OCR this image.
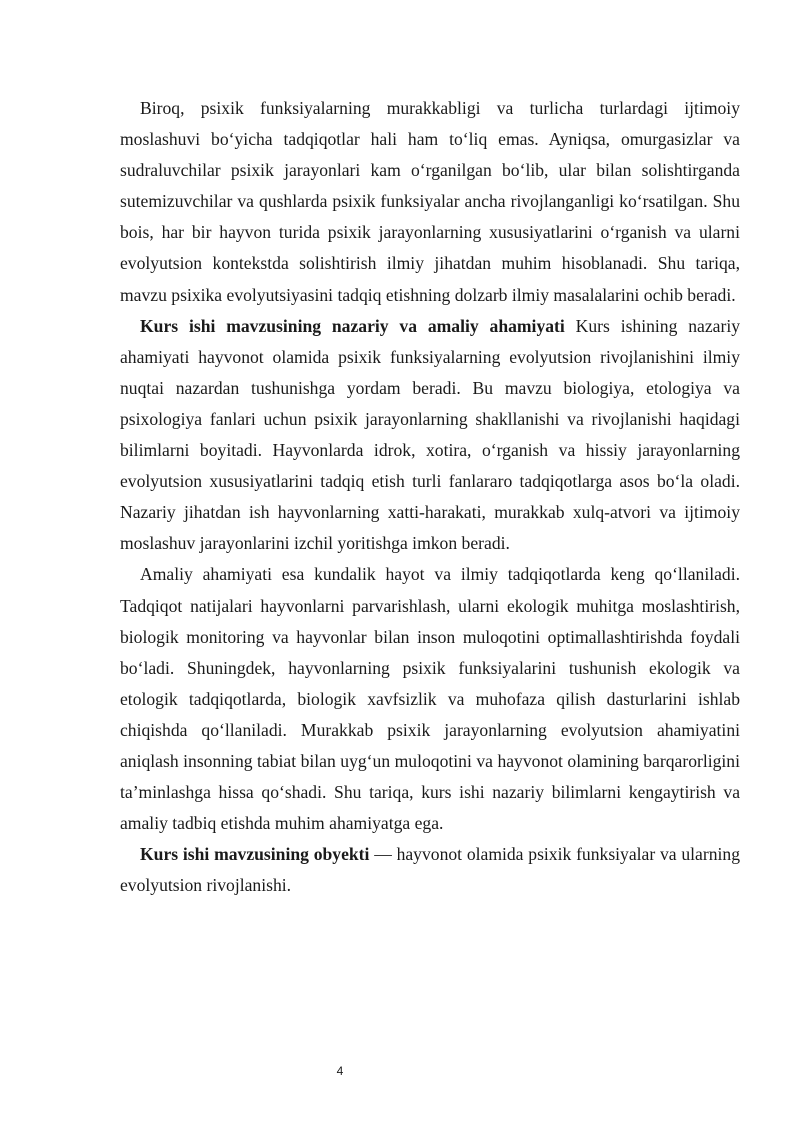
Biroq, psixik funksiyalarning murakkabligi va turlicha turlardagi ijtimoiy moslashuvi boʻyicha tadqiqotlar hali ham toʻliq emas. Ayniqsa, omurgasizlar va sudraluvchilar psixik jarayonlari kam oʻrganilgan boʻlib, ular bilan solishtirganda sutemizuvchilar va qushlarda psixik funksiyalar ancha rivojlanganligi koʻrsatilgan. Shu bois, har bir hayvon turida psixik jarayonlarning xususiyatlarini oʻrganish va ularni evolyutsion kontekstda solishtirish ilmiy jihatdan muhim hisoblanadi. Shu tariqa, mavzu psixika evolyutsiyasini tadqiq etishning dolzarb ilmiy masalalarini ochib beradi.

Kurs ishi mavzusining nazariy va amaliy ahamiyati Kurs ishining nazariy ahamiyati hayvonot olamida psixik funksiyalarning evolyutsion rivojlanishini ilmiy nuqtai nazardan tushunishga yordam beradi. Bu mavzu biologiya, etologiya va psixologiya fanlari uchun psixik jarayonlarning shakllanishi va rivojlanishi haqidagi bilimlarni boyitadi. Hayvonlarda idrok, xotira, oʻrganish va hissiy jarayonlarning evolyutsion xususiyatlarini tadqiq etish turli fanlararo tadqiqotlarga asos boʻla oladi. Nazariy jihatdan ish hayvonlarning xatti-harakati, murakkab xulq-atvori va ijtimoiy moslashuv jarayonlarini izchil yoritishga imkon beradi.

Amaliy ahamiyati esa kundalik hayot va ilmiy tadqiqotlarda keng qoʻllaniladi. Tadqiqot natijalari hayvonlarni parvarishlash, ularni ekologik muhitga moslashtirish, biologik monitoring va hayvonlar bilan inson muloqotini optimallashtirishda foydali boʻladi. Shuningdek, hayvonlarning psixik funksiyalarini tushunish ekologik va etologik tadqiqotlarda, biologik xavfsizlik va muhofaza qilish dasturlarini ishlab chiqishda qoʻllaniladi. Murakkab psixik jarayonlarning evolyutsion ahamiyatini aniqlash insonning tabiat bilan uygʻun muloqotini va hayvonot olamining barqarorligini taʼminlashga hissa qoʻshadi. Shu tariqa, kurs ishi nazariy bilimlarni kengaytirish va amaliy tadbiq etishda muhim ahamiyatga ega.

Kurs ishi mavzusining obyekti — hayvonot olamida psixik funksiyalar va ularning evolyutsion rivojlanishi.

4
